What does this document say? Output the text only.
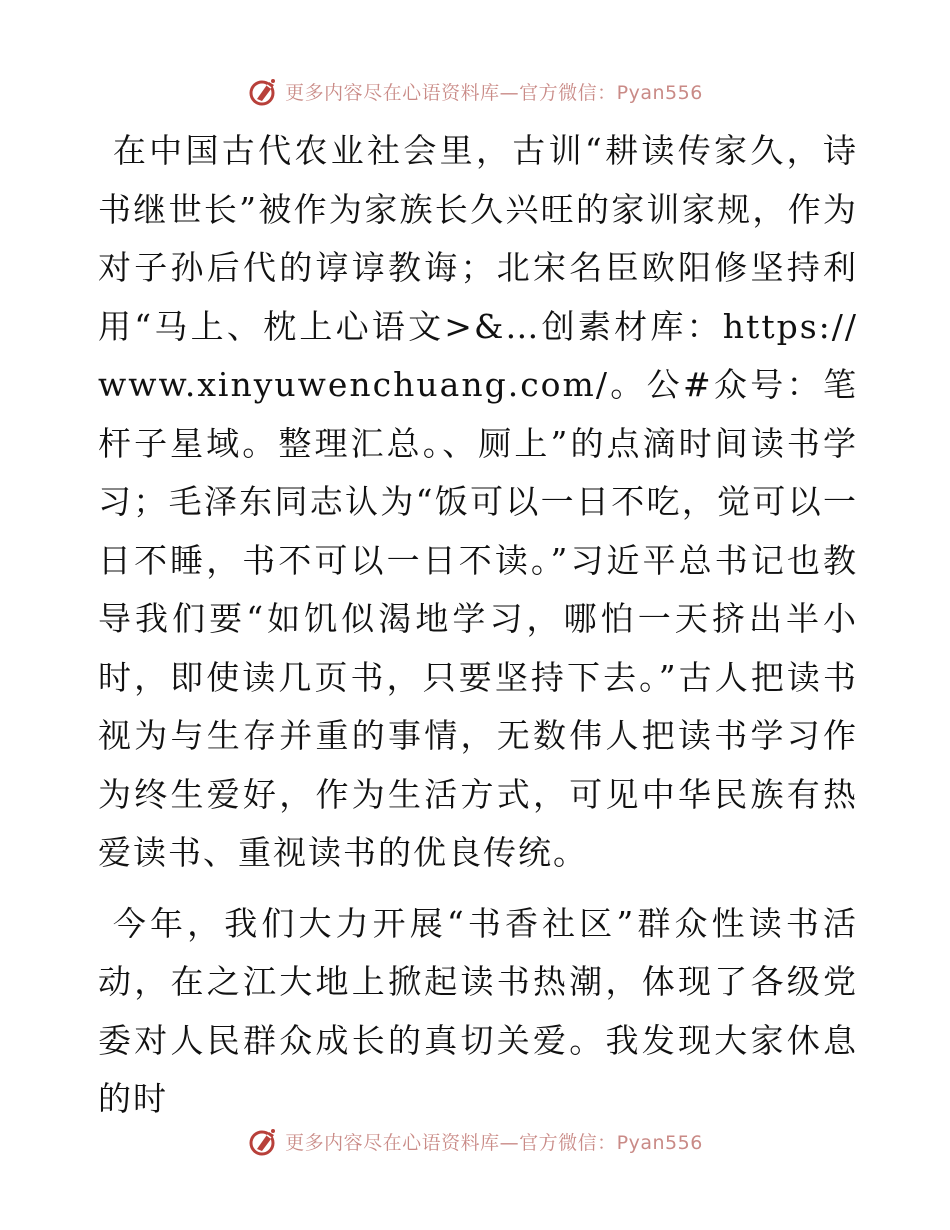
更多内容尽在心语资料库—官方微信：Pyan556

在中国古代农业社会里，古训“耕读传家久，诗书继世长”被作为家族长久兴旺的家训家规，作为对子孙后代的谆谆教诲；北宋名臣欧阳修坚持利用“马上、枕上心语文>&…创素材库：https://www.xinyuwenchuang.com/。公#众号：笔杆子星域。整理汇总。、厕上”的点滴时间读书学习；毛泽东同志认为“饭可以一日不吃，觉可以一日不睡，书不可以一日不读。”习近平总书记也教导我们要“如饥似渴地学习，哪怕一天挤出半小时，即使读几页书，只要坚持下去。”古人把读书视为与生存并重的事情，无数伟人把读书学习作为终生爱好，作为生活方式，可见中华民族有热爱读书、重视读书的优良传统。

今年，我们大力开展“书香社区”群众性读书活动，在之江大地上掀起读书热潮，体现了各级党委对人民群众成长的真切关爱。我发现大家休息的时

更多内容尽在心语资料库—官方微信：Pyan556
